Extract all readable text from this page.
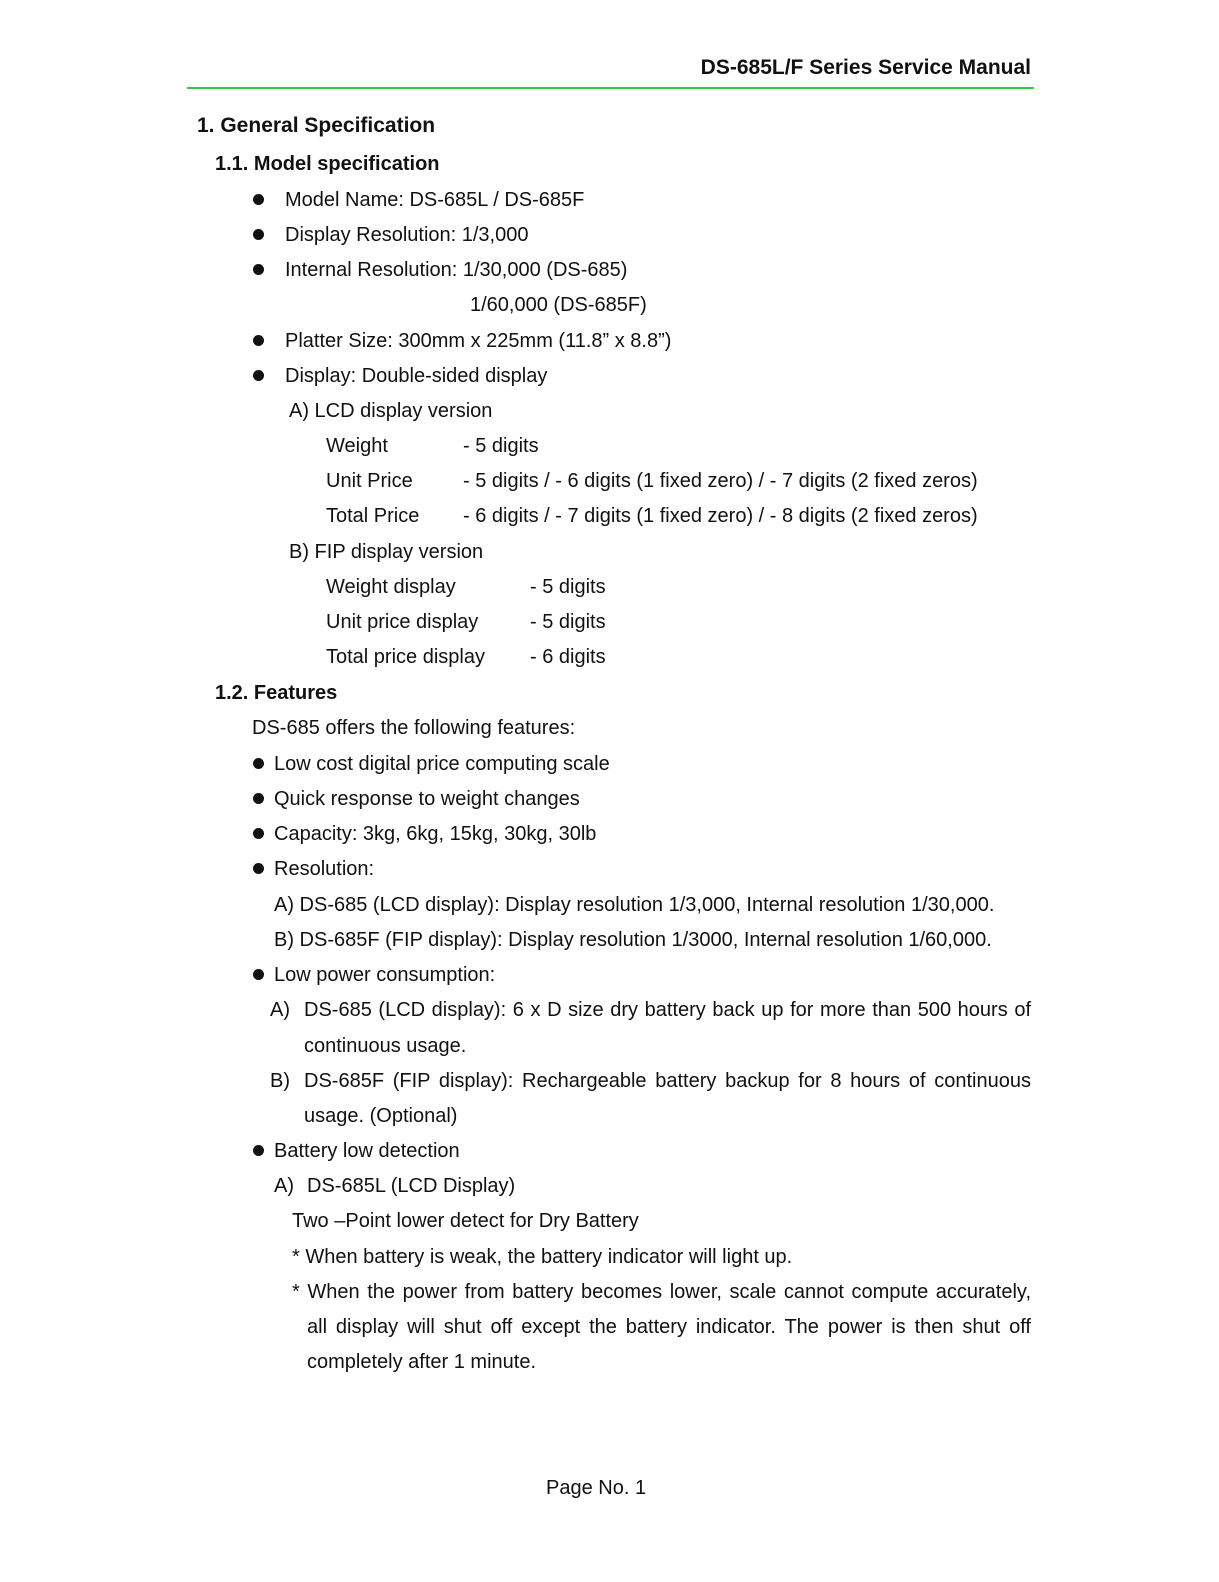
DS-685L/F Series Service Manual
1. General Specification
1.1. Model specification
Model Name: DS-685L / DS-685F
Display Resolution: 1/3,000
Internal Resolution: 1/30,000 (DS-685)
1/60,000 (DS-685F)
Platter Size: 300mm x 225mm (11.8” x 8.8”)
Display: Double-sided display
A) LCD display version
Weight	- 5 digits
Unit Price	- 5 digits / - 6 digits (1 fixed zero) / - 7 digits (2 fixed zeros)
Total Price - 6 digits / - 7 digits (1 fixed zero) / - 8 digits (2 fixed zeros)
B) FIP display version
Weight display	- 5 digits
Unit price display	- 5 digits
Total price display - 6 digits
1.2. Features
DS-685 offers the following features:
Low cost digital price computing scale
Quick response to weight changes
Capacity: 3kg, 6kg, 15kg, 30kg, 30lb
Resolution:
A) DS-685 (LCD display): Display resolution 1/3,000, Internal resolution 1/30,000.
B) DS-685F (FIP display): Display resolution 1/3000, Internal resolution 1/60,000.
Low power consumption:
A) DS-685 (LCD display): 6 x D size dry battery back up for more than 500 hours of
continuous usage.
B) DS-685F (FIP display): Rechargeable battery backup for 8 hours of continuous
usage. (Optional)
Battery low detection
A) DS-685L (LCD Display)
Two –Point lower detect for Dry Battery
* When battery is weak, the battery indicator will light up.
* When the power from battery becomes lower, scale cannot compute accurately,
all display will shut off except the battery indicator. The power is then shut off
completely after 1 minute.
Page No. 1
